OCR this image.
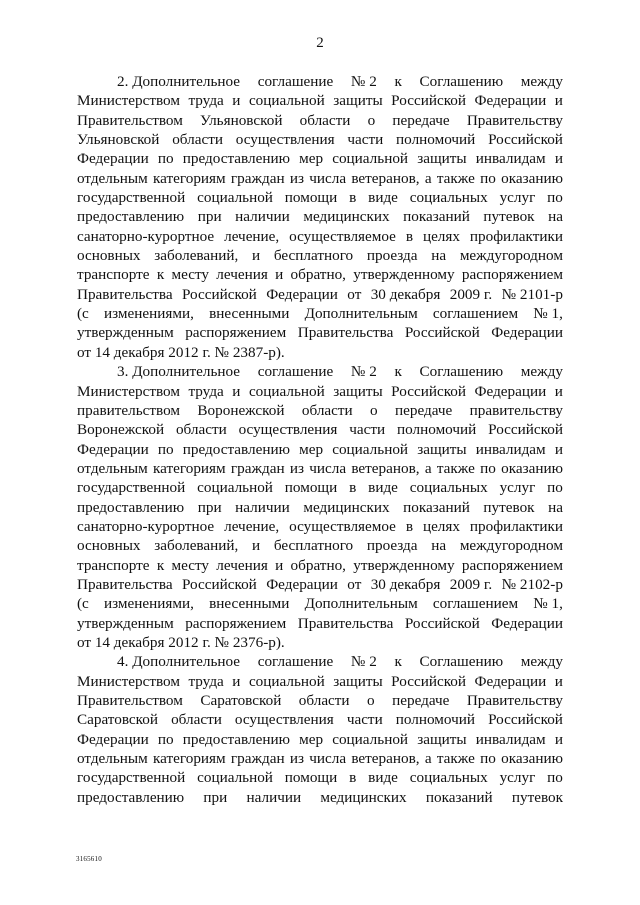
2
2. Дополнительное соглашение № 2 к Соглашению между
Министерством труда и социальной защиты Российской Федерации и
Правительством Ульяновской области о передаче Правительству
Ульяновской области осуществления части полномочий Российской
Федерации по предоставлению мер социальной защиты инвалидам и
отдельным категориям граждан из числа ветеранов, а также по оказанию
государственной социальной помощи в виде социальных услуг по
предоставлению при наличии медицинских показаний путевок на
санаторно-курортное лечение, осуществляемое в целях профилактики
основных заболеваний, и бесплатного проезда на междугородном
транспорте к месту лечения и обратно, утвержденному распоряжением
Правительства Российской Федерации от 30 декабря 2009 г. № 2101-р
(с изменениями, внесенными Дополнительным соглашением № 1,
утвержденным распоряжением Правительства Российской Федерации
от 14 декабря 2012 г. № 2387-р).
3. Дополнительное соглашение № 2 к Соглашению между
Министерством труда и социальной защиты Российской Федерации и
правительством Воронежской области о передаче правительству
Воронежской области осуществления части полномочий Российской
Федерации по предоставлению мер социальной защиты инвалидам и
отдельным категориям граждан из числа ветеранов, а также по оказанию
государственной социальной помощи в виде социальных услуг по
предоставлению при наличии медицинских показаний путевок на
санаторно-курортное лечение, осуществляемое в целях профилактики
основных заболеваний, и бесплатного проезда на междугородном
транспорте к месту лечения и обратно, утвержденному распоряжением
Правительства Российской Федерации от 30 декабря 2009 г. № 2102-р
(с изменениями, внесенными Дополнительным соглашением № 1,
утвержденным распоряжением Правительства Российской Федерации
от 14 декабря 2012 г. № 2376-р).
4. Дополнительное соглашение № 2 к Соглашению между
Министерством труда и социальной защиты Российской Федерации и
Правительством Саратовской области о передаче Правительству
Саратовской области осуществления части полномочий Российской
Федерации по предоставлению мер социальной защиты инвалидам и
отдельным категориям граждан из числа ветеранов, а также по оказанию
государственной социальной помощи в виде социальных услуг по
предоставлению при наличии медицинских показаний путевок
3165610
